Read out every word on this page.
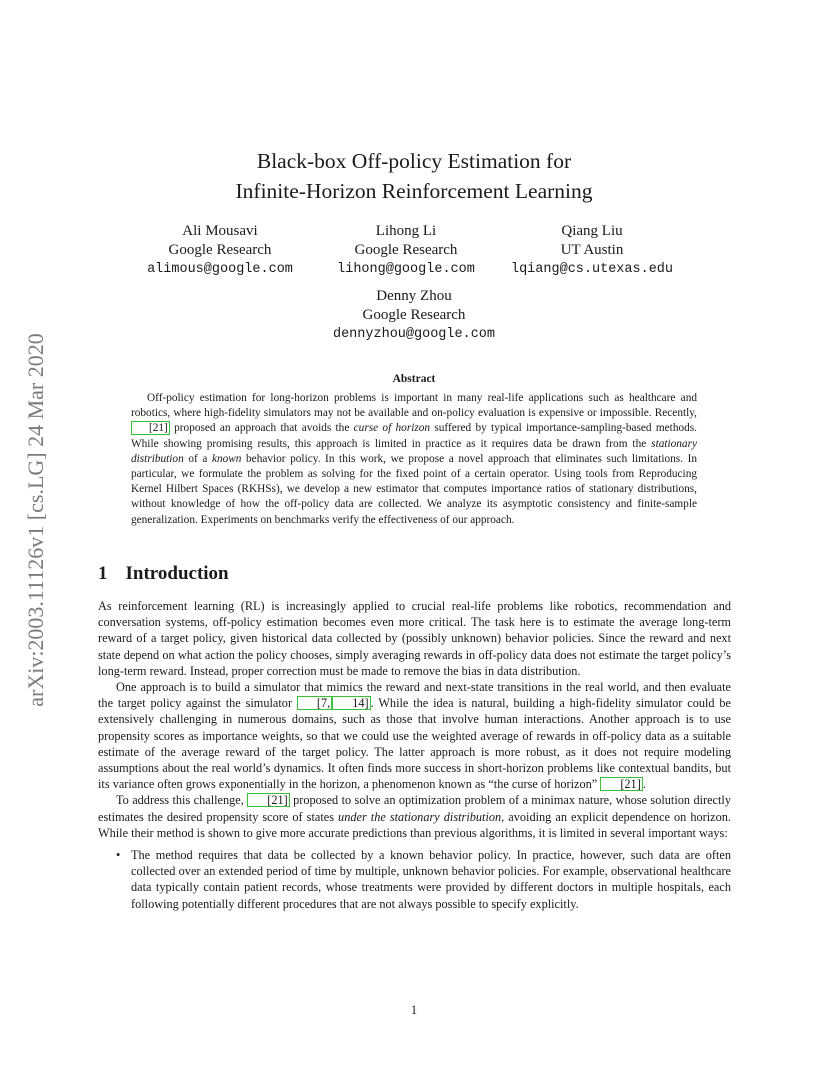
arXiv:2003.11126v1 [cs.LG] 24 Mar 2020
Black-box Off-policy Estimation for
Infinite-Horizon Reinforcement Learning
Ali Mousavi
Google Research
alimous@google.com
Lihong Li
Google Research
lihong@google.com
Qiang Liu
UT Austin
lqiang@cs.utexas.edu
Denny Zhou
Google Research
dennyzhou@google.com
Abstract
Off-policy estimation for long-horizon problems is important in many real-life applications such as healthcare and robotics, where high-fidelity simulators may not be available and on-policy evaluation is expensive or impossible. Recently, [21] proposed an approach that avoids the curse of horizon suffered by typical importance-sampling-based methods. While showing promising results, this approach is limited in practice as it requires data be drawn from the stationary distribution of a known behavior policy. In this work, we propose a novel approach that eliminates such limitations. In particular, we formulate the problem as solving for the fixed point of a certain operator. Using tools from Reproducing Kernel Hilbert Spaces (RKHSs), we develop a new estimator that computes importance ratios of stationary distributions, without knowledge of how the off-policy data are collected. We analyze its asymptotic consistency and finite-sample generalization. Experiments on benchmarks verify the effectiveness of our approach.
1 Introduction

As reinforcement learning (RL) is increasingly applied to crucial real-life problems like robotics, recommendation and conversation systems, off-policy estimation becomes even more critical. The task here is to estimate the average long-term reward of a target policy, given historical data collected by (possibly unknown) behavior policies. Since the reward and next state depend on what action the policy chooses, simply averaging rewards in off-policy data does not estimate the target policy’s long-term reward. Instead, proper correction must be made to remove the bias in data distribution.

One approach is to build a simulator that mimics the reward and next-state transitions in the real world, and then evaluate the target policy against the simulator [7, 14] . While the idea is natural, building a high-fidelity simulator could be extensively challenging in numerous domains, such as those that involve human interactions. Another approach is to use propensity scores as importance weights, so that we could use the weighted average of rewards in off-policy data as a suitable estimate of the average reward of the target policy. The latter approach is more robust, as it does not require modeling assumptions about the real world’s dynamics. It often finds more success in short-horizon problems like contextual bandits, but its variance often grows exponentially in the horizon, a phenomenon known as “the curse of horizon” [21] .

To address this challenge, [21] proposed to solve an optimization problem of a minimax nature, whose solution directly estimates the desired propensity score of states under the stationary distribution, avoiding an explicit dependence on horizon. While their method is shown to give more accurate predictions than previous algorithms, it is limited in several important ways:

• The method requires that data be collected by a known behavior policy. In practice, however, such data are often collected over an extended period of time by multiple, unknown behavior policies. For example, observational healthcare data typically contain patient records, whose treatments were provided by different doctors in multiple hospitals, each following potentially different procedures that are not always possible to specify explicitly.
1
